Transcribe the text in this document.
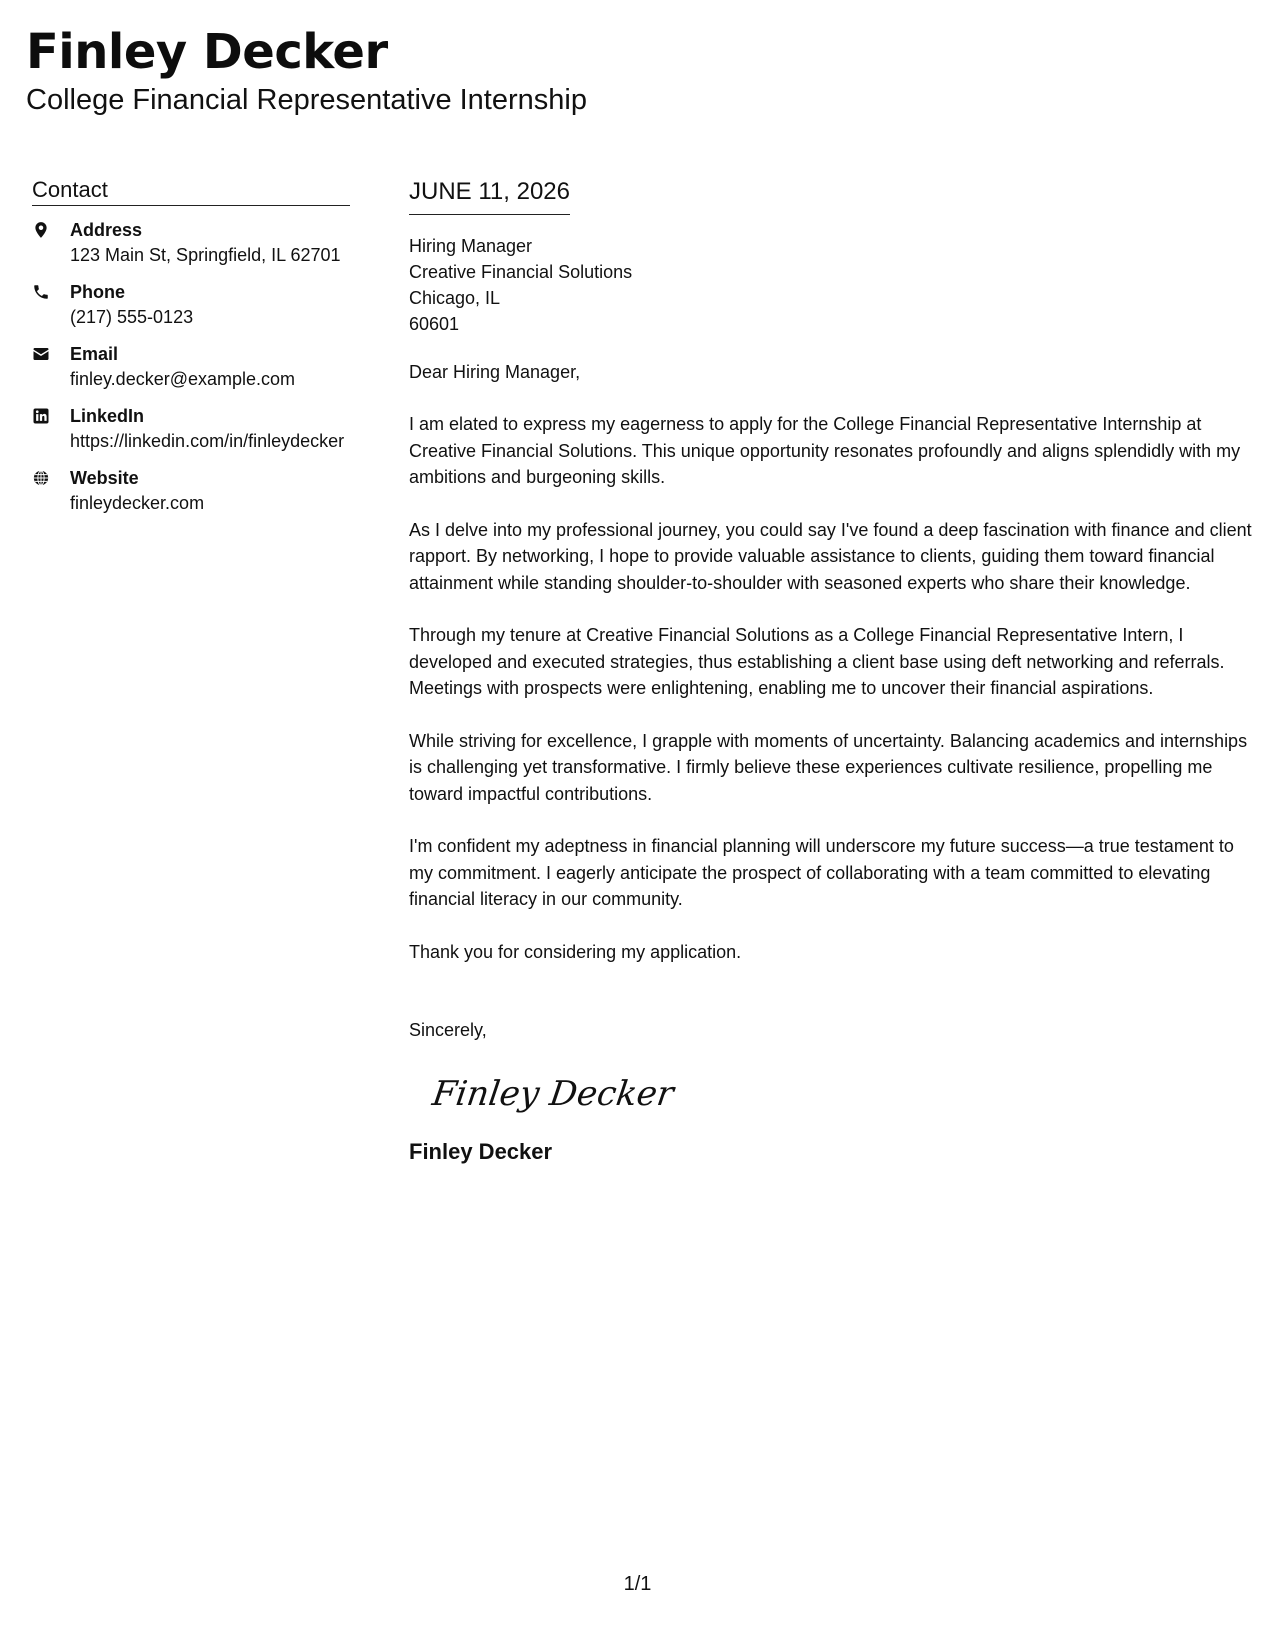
Finley Decker
College Financial Representative Internship
Contact
Address
123 Main St, Springfield, IL 62701
Phone
(217) 555-0123
Email
finley.decker@example.com
LinkedIn
https://linkedin.com/in/finleydecker
Website
finleydecker.com
JUNE 11, 2026
Hiring Manager
Creative Financial Solutions
Chicago, IL
60601
Dear Hiring Manager,
I am elated to express my eagerness to apply for the College Financial Representative Internship at Creative Financial Solutions. This unique opportunity resonates profoundly and aligns splendidly with my ambitions and burgeoning skills.
As I delve into my professional journey, you could say I've found a deep fascination with finance and client rapport. By networking, I hope to provide valuable assistance to clients, guiding them toward financial attainment while standing shoulder-to-shoulder with seasoned experts who share their knowledge.
Through my tenure at Creative Financial Solutions as a College Financial Representative Intern, I developed and executed strategies, thus establishing a client base using deft networking and referrals. Meetings with prospects were enlightening, enabling me to uncover their financial aspirations.
While striving for excellence, I grapple with moments of uncertainty. Balancing academics and internships is challenging yet transformative. I firmly believe these experiences cultivate resilience, propelling me toward impactful contributions.
I'm confident my adeptness in financial planning will underscore my future success—a true testament to my commitment. I eagerly anticipate the prospect of collaborating with a team committed to elevating financial literacy in our community.
Thank you for considering my application.
Sincerely,
Finley Decker
Finley Decker
1/1
